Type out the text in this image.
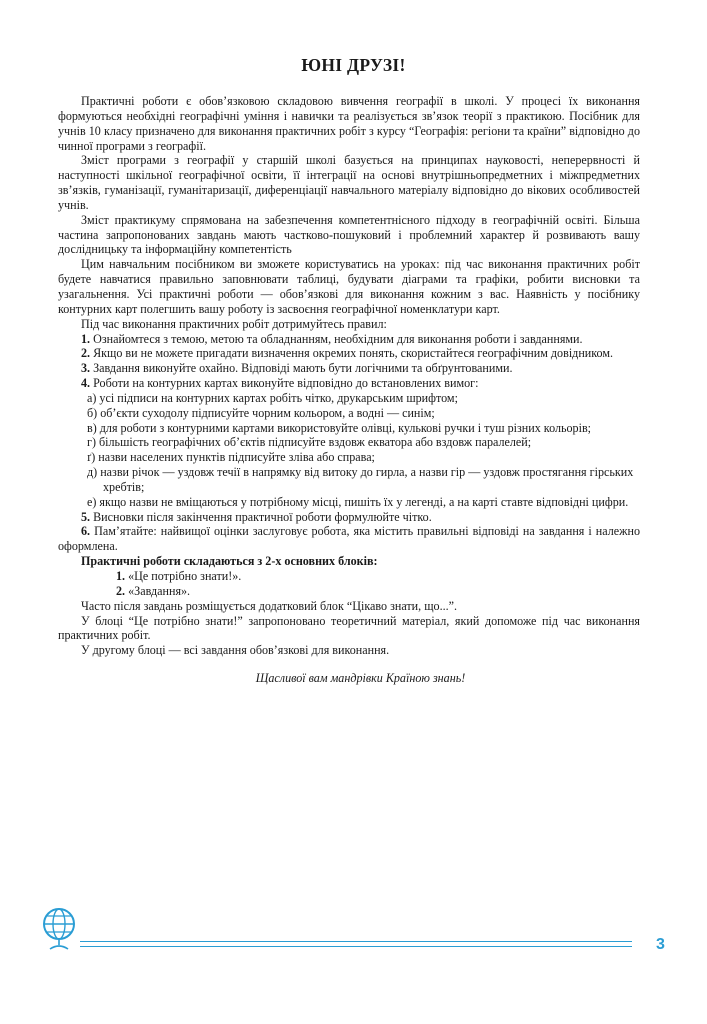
ЮНІ ДРУЗІ!

Практичні роботи є обов’язковою складовою вивчення географії в школі. У процесі їх виконання формуються необхідні географічні уміння і навички та реалізується зв’язок теорії з практикою. Посібник для учнів 10 класу призначено для виконання практичних робіт з курсу “Географія: регіони та країни” відповідно до чинної програми з географії.

Зміст програми з географії у старшій школі базується на принципах науковості, неперервності й наступності шкільної географічної освіти, її інтеграції на основі внутрішньопредметних і міжпредметних зв’язків, гуманізації, гуманітаризації, диференціації навчального матеріалу відповідно до вікових особливостей учнів.

Зміст практикуму спрямована на забезпечення компетентнісного підходу в географічній освіті. Більша частина запропонованих завдань мають частково-пошуковий і проблемний характер й розвивають вашу дослідницьку та інформаційну компетентість

Цим навчальним посібником ви зможете користуватись на уроках: під час виконання практичних робіт будете навчатися правильно заповнювати таблиці, будувати діаграми та графіки, робити висновки та узагальнення. Усі практичні роботи — обов’язкові для виконання кожним з вас. Наявність у посібнику контурних карт полегшить вашу роботу із засвоєння географічної номенклатури карт.

Під час виконання практичних робіт дотримуйтесь правил:

1. Ознайомтеся з темою, метою та обладнанням, необхідним для виконання роботи і завданнями.

2. Якщо ви не можете пригадати визначення окремих понять, скористайтеся географічним довідником.

3. Завдання виконуйте охайно. Відповіді мають бути логічними та обґрунтованими.

4. Роботи на контурних картах виконуйте відповідно до встановлених вимог:

а) усі підписи на контурних картах робіть чітко, друкарським шрифтом;

б) об’єкти суходолу підписуйте чорним кольором, а водні — синім;

в) для роботи з контурними картами використовуйте олівці, кулькові ручки і туш різних кольорів;

г) більшість географічних об’єктів підписуйте вздовж екватора або вздовж паралелей;

ґ) назви населених пунктів підписуйте зліва або справа;

д) назви річок — уздовж течії в напрямку від витоку до гирла, а назви гір — уздовж простягання гірських хребтів;

е) якщо назви не вміщаються у потрібному місці, пишіть їх у легенді, а на карті ставте відповідні цифри.

5. Висновки після закінчення практичної роботи формулюйте чітко.

6. Пам’ятайте: найвищої оцінки заслуговує робота, яка містить правильні відповіді на завдання і належно оформлена.

Практичні роботи складаються з 2-х основних блоків:

1. «Це потрібно знати!».

2. «Завдання».

Часто після завдань розміщується додатковий блок “Цікаво знати, що...”.

У блоці “Це потрібно знати!” запропоновано теоретичний матеріал, який допоможе під час виконання практичних робіт.

У другому блоці — всі завдання обов’язкові для виконання.

Щасливої вам мандрівки Країною знань!

3
